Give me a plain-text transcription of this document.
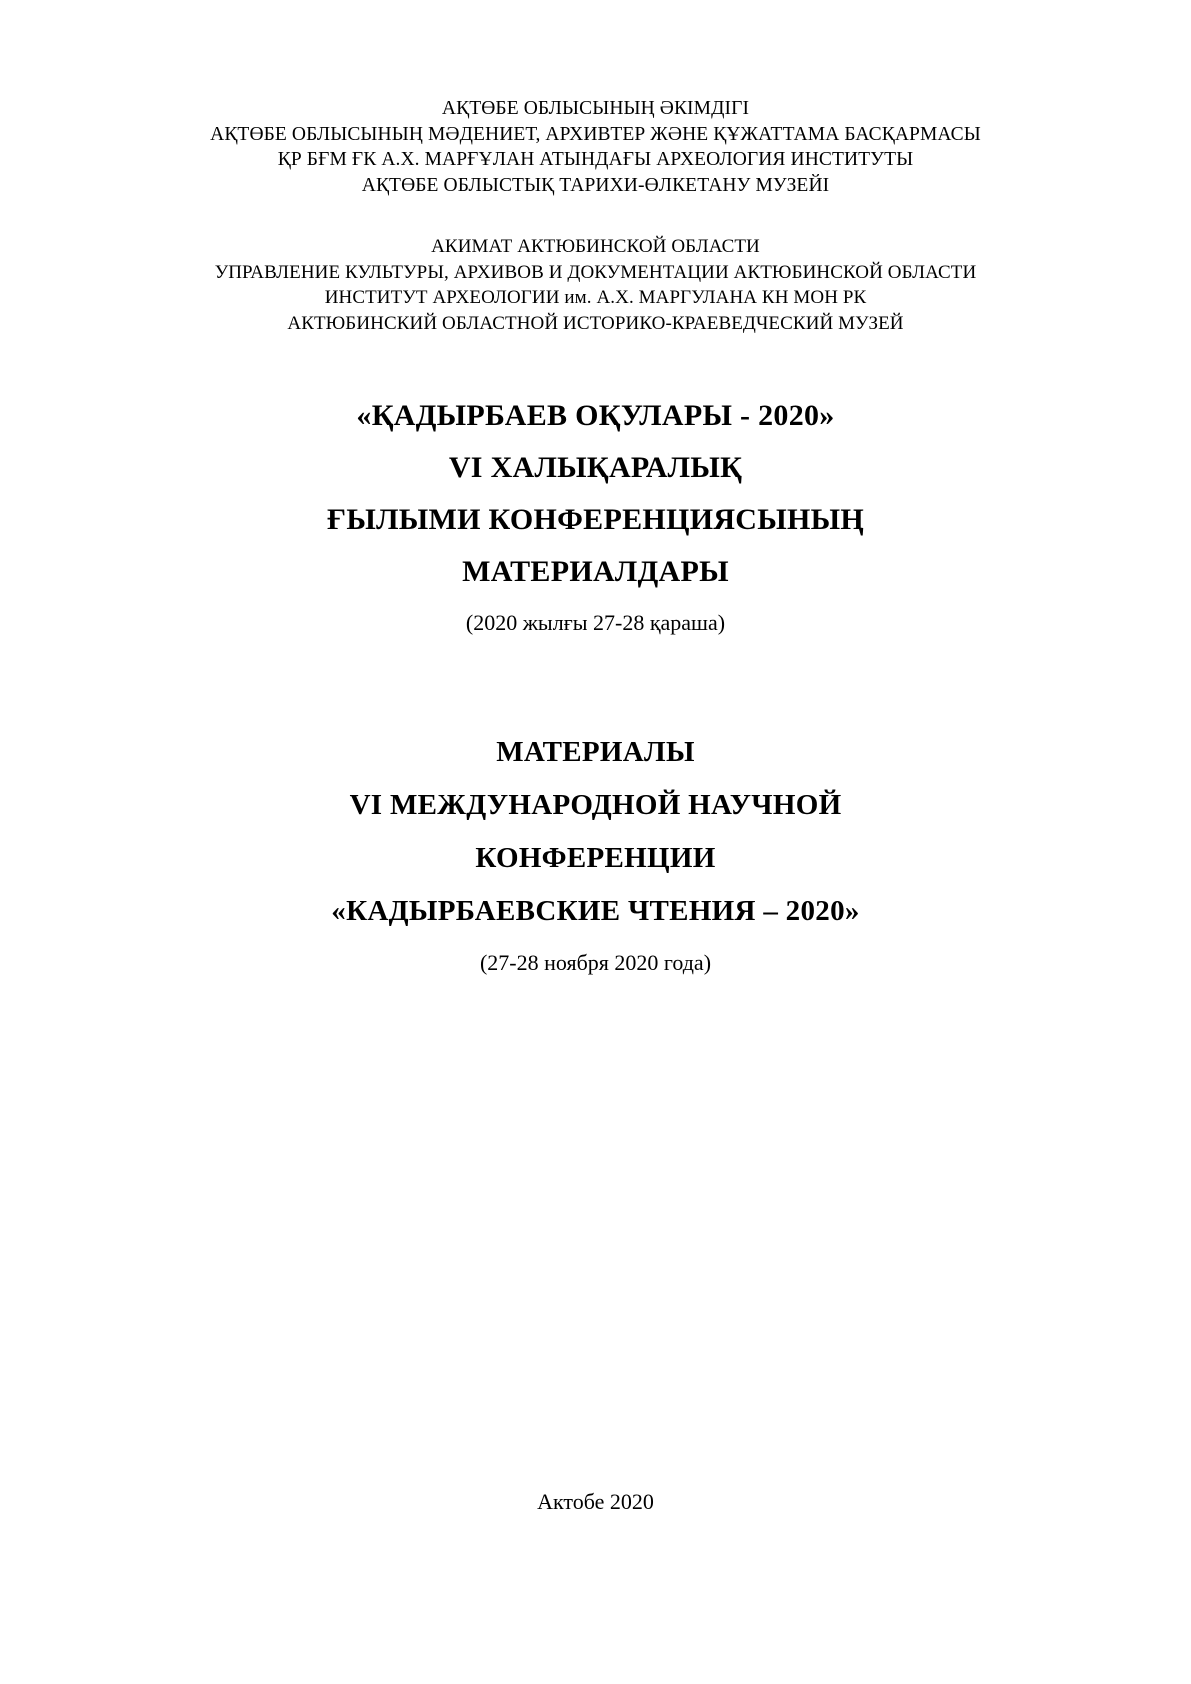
АҚТӨБЕ ОБЛЫСЫНЫҢ ӘКІМДІГІ
АҚТӨБЕ ОБЛЫСЫНЫҢ МӘДЕНИЕТ, АРХИВТЕР ЖӘНЕ ҚҰЖАТТАМА БАСҚАРМАСЫ
ҚР БҒМ ҒК А.Х. МАРҒҰЛАН АТЫНДАҒЫ АРХЕОЛОГИЯ ИНСТИТУТЫ
АҚТӨБЕ ОБЛЫСТЫҚ ТАРИХИ-ӨЛКЕТАНУ МУЗЕЙІ
АКИМАТ АКТЮБИНСКОЙ ОБЛАСТИ
УПРАВЛЕНИЕ КУЛЬТУРЫ, АРХИВОВ И ДОКУМЕНТАЦИИ АКТЮБИНСКОЙ ОБЛАСТИ
ИНСТИТУТ АРХЕОЛОГИИ им. А.Х. МАРГУЛАНА КН МОН РК
АКТЮБИНСКИЙ ОБЛАСТНОЙ ИСТОРИКО-КРАЕВЕДЧЕСКИЙ МУЗЕЙ
«ҚАДЫРБАЕВ ОҚУЛАРЫ - 2020»
VI ХАЛЫҚАРАЛЫҚ
ҒЫЛЫМИ КОНФЕРЕНЦИЯСЫНЫҢ
МАТЕРИАЛДАРЫ
(2020 жылғы 27-28 қараша)
МАТЕРИАЛЫ
VI МЕЖДУНАРОДНОЙ НАУЧНОЙ
КОНФЕРЕНЦИИ
«КАДЫРБАЕВСКИЕ ЧТЕНИЯ – 2020»
(27-28 ноября 2020 года)
Актобе 2020
